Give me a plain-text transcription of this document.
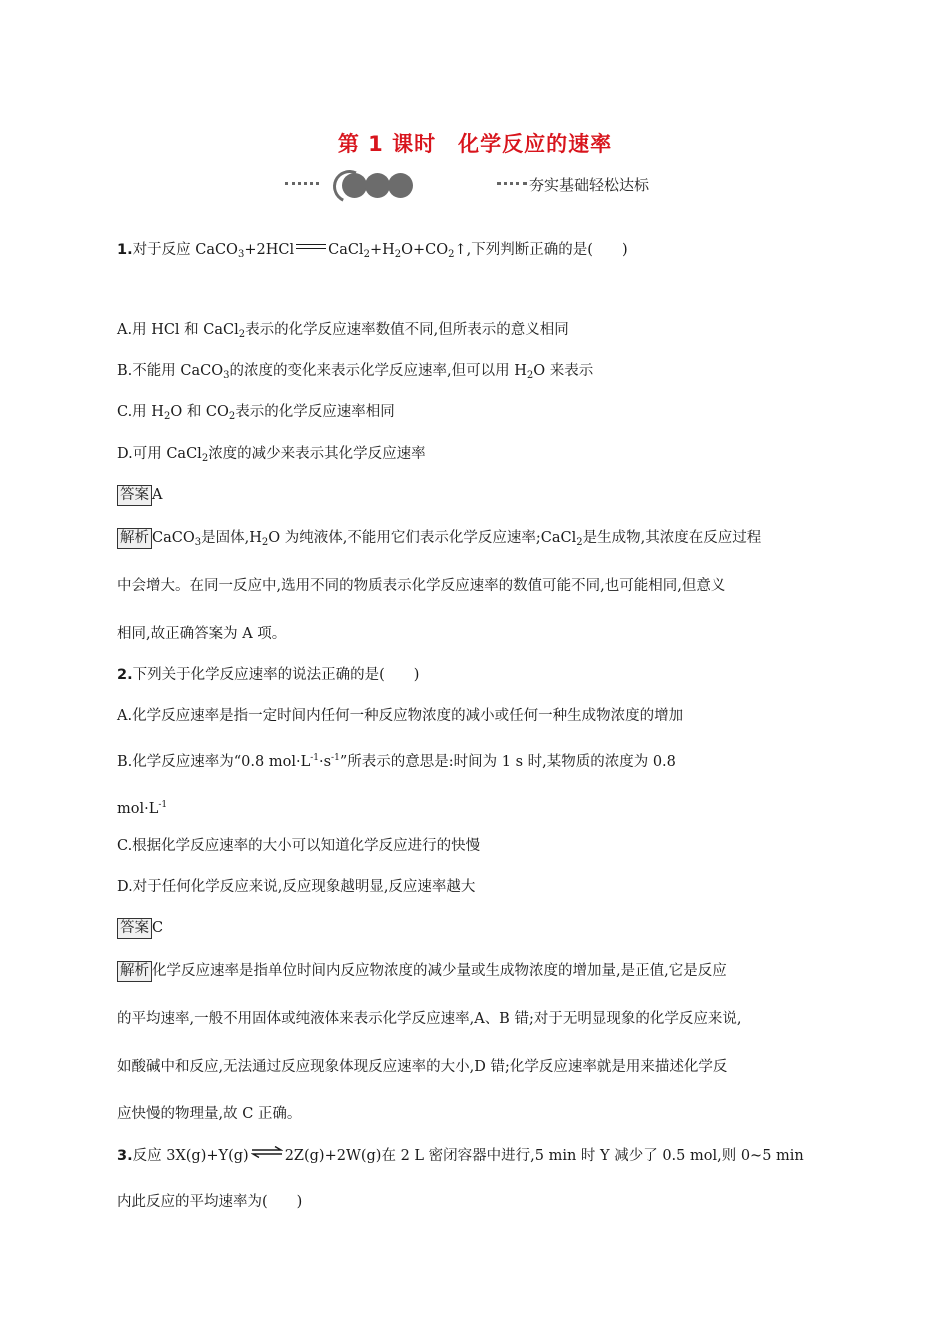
第 1 课时　化学反应的速率
夯实基础轻松达标
1.对于反应 CaCO$_3$+2HCl $CaCl_2+H_2O+CO_2↑$,下列判断正确的是(　　)
A.用 HCl 和 CaCl$_2$表示的化学反应速率数值不同,但所表示的意义相同
B.不能用 CaCO$_3$的浓度的变化来表示化学反应速率,但可以用 $H_2O$ 来表示
C.用 $H_2O$ 和 $CO_2$表示的化学反应速率相同
D.可用 CaCl$_2$浓度的减少来表示其化学反应速率
答案 A
解析 CaCO$_3$是固体$,H_2O$ 为纯液体,不能用它们表示化学反应速率;CaCl$_2$是生成物,其浓度在反应过程
中会增大。在同一反应中,选用不同的物质表示化学反应速率的数值可能不同,也可能相同,但意义
相同,故正确答案为 A 项。
2.下列关于化学反应速率的说法正确的是(　　)
A.化学反应速率是指一定时间内任何一种反应物浓度的减小或任何一种生成物浓度的增加
B.化学反应速率为“0.8 $mol\cdot L^{-1}\cdot s^{-1}$”所表示的意思是:时间为 1 s 时,某物质的浓度为 0.8
$mol\cdot L^{-1}$
C.根据化学反应速率的大小可以知道化学反应进行的快慢
D.对于任何化学反应来说,反应现象越明显,反应速率越大
答案 C
解析 化学反应速率是指单位时间内反应物浓度的减少量或生成物浓度的增加量,是正值,它是反应
的平均速率,一般不用固体或纯液体来表示化学反应速率,A、B 错;对于无明显现象的化学反应来说,
如酸碱中和反应,无法通过反应现象体现反应速率的大小,D 错;化学反应速率就是用来描述化学反
应快慢的物理量,故 C 正确。
3.反应 3X(g)+Y(g) ⇌ 2Z(g)+2W(g)在 2 L 密闭容器中进行,5 min 时 Y 减少了 0.5 mol,则 0~5 min
内此反应的平均速率为(　　)
